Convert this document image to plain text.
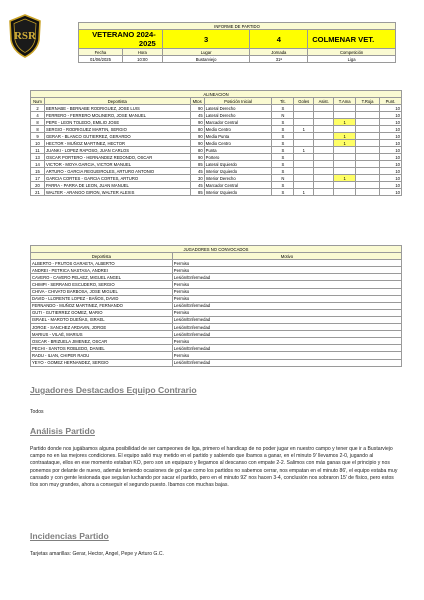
RSR
INFORME DE PARTIDO				
VETERANO 2024-2025		3	4	COLMENAR VET.
Fecha	Hora	Lugar	Jornada	Competición
01/06/2025	10:00	Bustarviejo	31ª	Liga
ALINEACION									
Num	Deportista	Mtos	Posición Inicial	Tit.	Goles	Asist.	T.Ama	T.Roja	Punt.
2	BERNABE - BERNABE RODRIGUEZ, JOSE LUIS	90	Lateral Derecho	S					10
4	FERRERO - FERRERO MOLINERO, JOSE MANUEL	45	Lateral Derecho	N					10
8	PEPE - LEON TOLEDO, EMILIO JOSE	90	Marcador Central	S			1		10
8	SERGIO - RODRIGUEZ MARTIN, SERGIO	80	Medio Centro	S	1				10
9	GERAR - BLANCO GUTIERREZ, GERARDO	90	Media Punta	S			1		10
10	HECTOR - MUÑOZ MARTINEZ, HECTOR	90	Medio Centro	S			1		10
11	JUANKI - LOPEZ RAPOSO, JUAN CARLOS	80	Punta	S	1				10
13	OSCAR PORTERO - HERNANDEZ REDONDO, OSCAR	90	Portero	S					10
14	VICTOR - MOYA GARCIA, VICTOR MANUEL	85	Lateral Izquierdo	S					10
15	ARTURO - GARCIA REGUEIROLES, ARTURO ANTONIO	45	Interior Izquierdo	S					10
17	GARCIA CORTES - GARCIA CORTES, ARTURO	30	Interior Derecho	N			1		10
20	PARRA - PARRA DE LEON, JUAN MANUEL	45	Marcador Central	S					10
21	WALTER - ARANGO GIRON, WALTER ALEXIS	85	Interior Izquierdo	S	1				10
JUGADORES NO CONVOCADOS	
Deportista	Motivo
ALBERTO - FRUTOS GARAETA, ALBERTO	Permiso
ANDREI - PETRICA NASTASA, ANDREI	Permiso
CAVERO - CAVERO PELAEZ, MIGUEL ANGEL	Lesión/Enfermedad
CHIMPI - SERRANO ESCUDERO, SERGIO	Permiso
CHIVA - CHIVATO BARBOSA, JOSE MIGUEL	Permiso
DAVID - LLORENTE LOPEZ - BAÑOS, DAVID	Permiso
FERNANDO - MUÑOZ MARTINEZ, FERNANDO	Lesión/Enfermedad
GUTI - GUTIERREZ GOMEZ, MARIO	Permiso
ISRAEL - MAROTO DUEÑAS, ISRAEL	Lesión/Enfermedad
JORGE - SANCHEZ ARDAVIN, JORGE	Lesión/Enfermedad
MARIUS - VILAÉ, MARIUS	Lesión/Enfermedad
OSCAR - BRIZUELA JIMENEZ, OSCAR	Permiso
PECHI - SANTOS ROBLEDO, DANIEL	Lesión/Enfermedad
RADU - ILIAN, CHIPER RADU	Permiso
YEYO - GOMEZ HERNANDEZ, SERGIO	Lesión/Enfermedad
Jugadores Destacados Equipo Contrario
Todos
Análisis Partido
Partido donde nos jugábamos alguna posibilidad de ser campeones de liga, primero el handicap de no poder jugar en nuestro campo y tener que ir a Bustarviejo campo no en las mejores condiciones. El equipo salió muy metido en el partido y sabiendo que íbamos a ganar, en el minuto 9' llevamos 2-0, jugando al contraataque, ellos en ese momento estaban KO, pero son un equipazo y llegamos al descanso con empate 2-2. Salimos con más ganas que el principio y nos ponemos por delante de nuevo, además teniendo ocasiones de gol que como los partidos no sabemos cerrar, nos empatan en el minuto 86', el equipo estaba muy cansado y con gente lesionada que seguían luchando por sacar el partido, pero en el minuto 92' nos hacen 3-4, conclusión nos sobraron 15' de físico, pero estos tíos son muy grandes, ahora a conseguir el segundo puesto. Ibamos con muchas bajas.
Incidencias Partido
Tarjetas amarillas: Gerar, Hector, Angel, Pepe y Arturo G.C.
